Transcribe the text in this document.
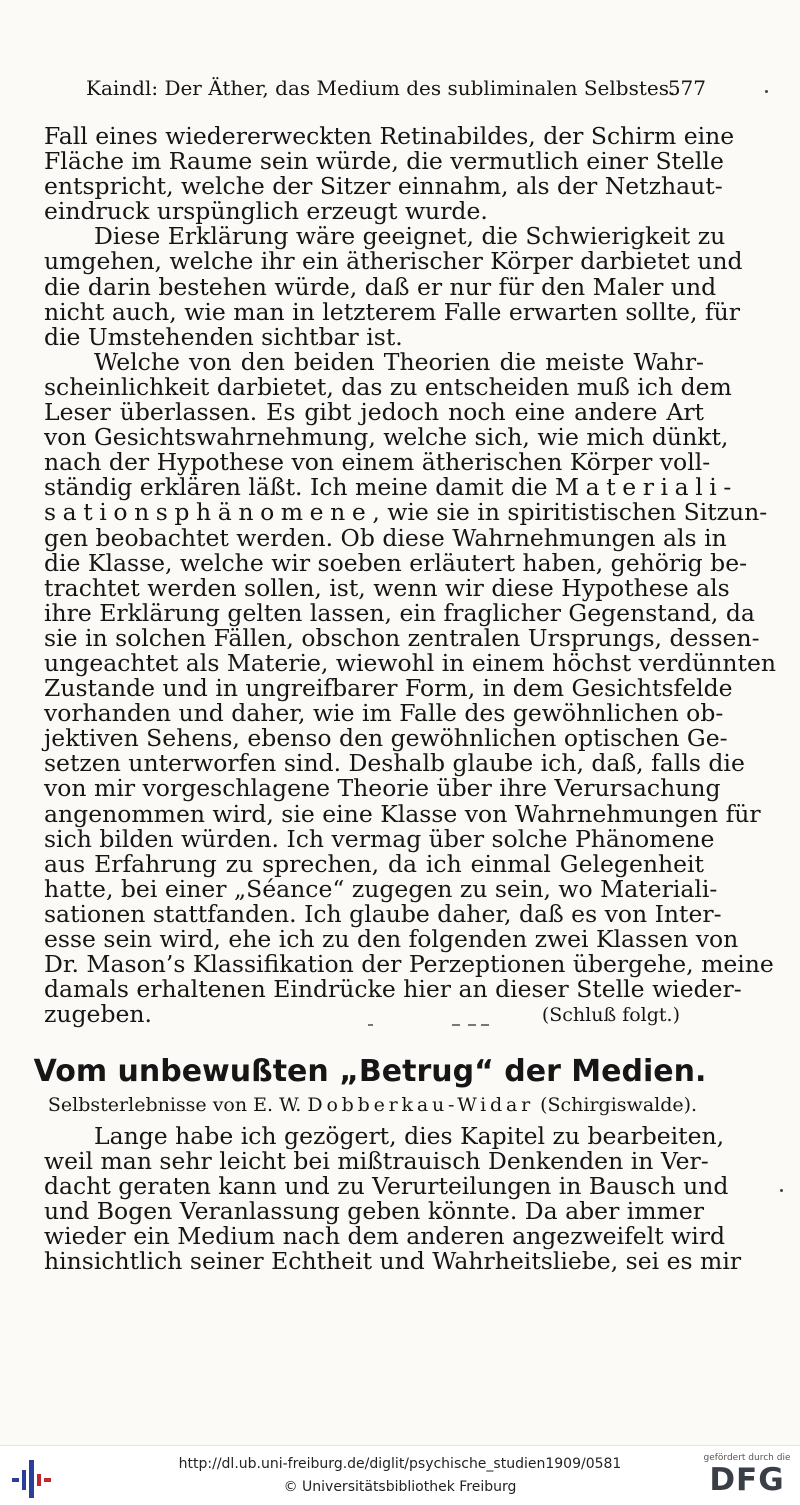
Kaindl: Der Äther, das Medium des subliminalen Selbstes.
577
Fall eines wiedererweckten Retinabildes, der Schirm eine
Fläche im Raume sein würde, die vermutlich einer Stelle
entspricht, welche der Sitzer einnahm, als der Netzhaut-
eindruck urspünglich erzeugt wurde.
Diese Erklärung wäre geeignet, die Schwierigkeit zu
umgehen, welche ihr ein ätherischer Körper darbietet und
die darin bestehen würde, daß er nur für den Maler und
nicht auch, wie man in letzterem Falle erwarten sollte, für
die Umstehenden sichtbar ist.
Welche von den beiden Theorien die meiste Wahr-
scheinlichkeit darbietet, das zu entscheiden muß ich dem
Leser überlassen. Es gibt jedoch noch eine andere Art
von Gesichtswahrnehmung, welche sich, wie mich dünkt,
nach der Hypothese von einem ätherischen Körper voll-
ständig erklären läßt. Ich meine damit die Materiali-
sationsphänomene, wie sie in spiritistischen Sitzun-
gen beobachtet werden. Ob diese Wahrnehmungen als in
die Klasse, welche wir soeben erläutert haben, gehörig be-
trachtet werden sollen, ist, wenn wir diese Hypothese als
ihre Erklärung gelten lassen, ein fraglicher Gegenstand, da
sie in solchen Fällen, obschon zentralen Ursprungs, dessen-
ungeachtet als Materie, wiewohl in einem höchst verdünnten
Zustande und in ungreifbarer Form, in dem Gesichtsfelde
vorhanden und daher, wie im Falle des gewöhnlichen ob-
jektiven Sehens, ebenso den gewöhnlichen optischen Ge-
setzen unterworfen sind. Deshalb glaube ich, daß, falls die
von mir vorgeschlagene Theorie über ihre Verursachung
angenommen wird, sie eine Klasse von Wahrnehmungen für
sich bilden würden. Ich vermag über solche Phänomene
aus Erfahrung zu sprechen, da ich einmal Gelegenheit
hatte, bei einer „Séance“ zugegen zu sein, wo Materiali-
sationen stattfanden. Ich glaube daher, daß es von Inter-
esse sein wird, ehe ich zu den folgenden zwei Klassen von
Dr. Mason’s Klassifikation der Perzeptionen übergehe, meine
damals erhaltenen Eindrücke hier an dieser Stelle wieder-
zugeben.	(Schluß folgt.)
Vom unbewußten „Betrug“ der Medien.
Selbsterlebnisse von E. W. Dobberkau-Widar (Schirgiswalde).
Lange habe ich gezögert, dies Kapitel zu bearbeiten,
weil man sehr leicht bei mißtrauisch Denkenden in Ver-
dacht geraten kann und zu Verurteilungen in Bausch und
und Bogen Veranlassung geben könnte. Da aber immer
wieder ein Medium nach dem anderen angezweifelt wird
hinsichtlich seiner Echtheit und Wahrheitsliebe, sei es mir
http://dl.ub.uni-freiburg.de/diglit/psychische_studien1909/0581
© Universitätsbibliothek Freiburg
gefördert durch die
DFG
